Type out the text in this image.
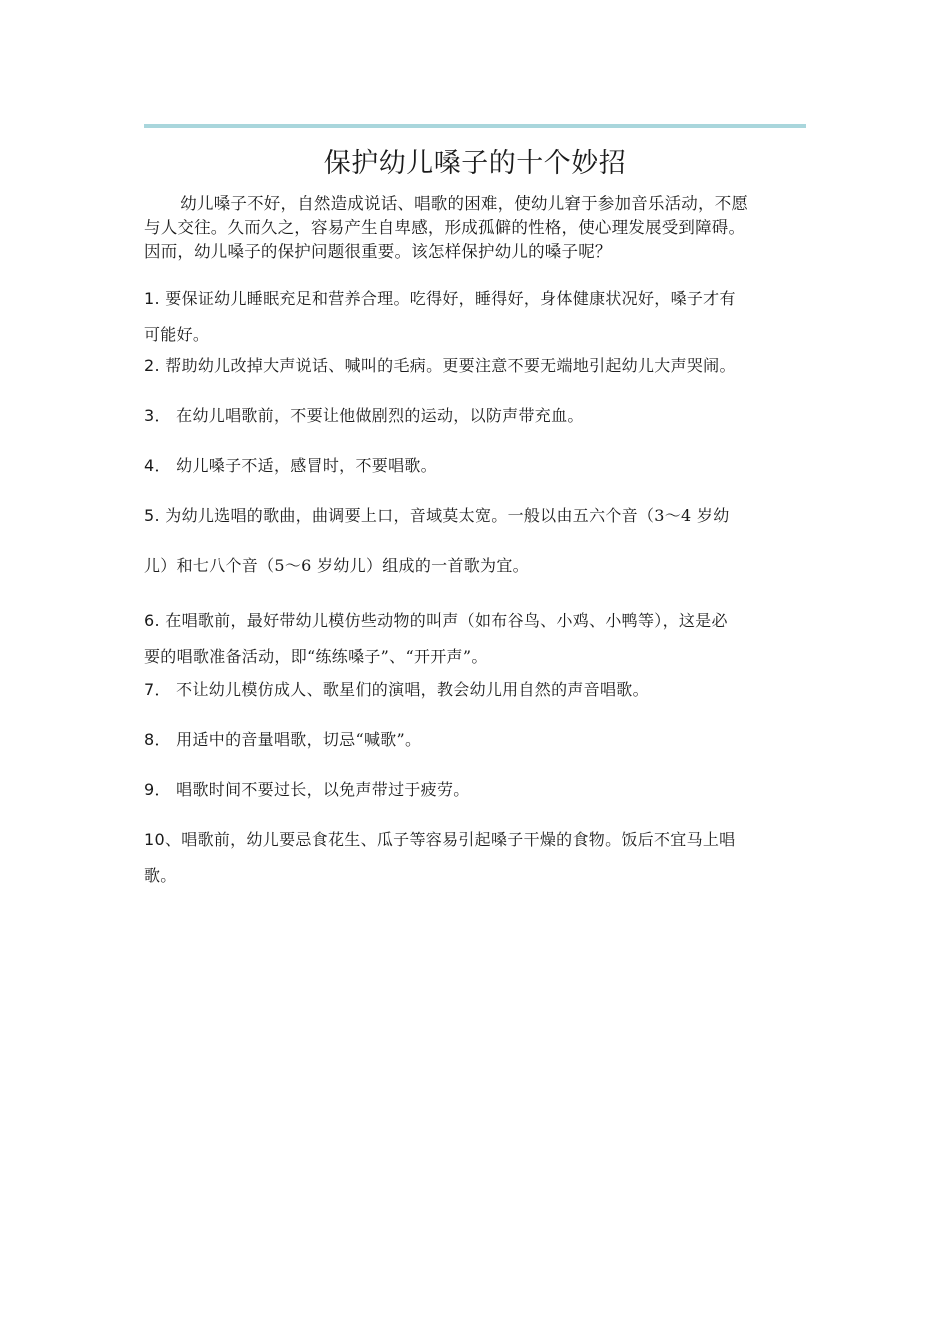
保护幼儿嗓子的十个妙招
幼儿嗓子不好，自然造成说话、唱歌的困难，使幼儿窘于参加音乐活动，不愿
与人交往。久而久之，容易产生自卑感，形成孤僻的性格，使心理发展受到障碍。
因而，幼儿嗓子的保护问题很重要。该怎样保护幼儿的嗓子呢？
1. 要保证幼儿睡眠充足和营养合理。吃得好，睡得好，身体健康状况好，嗓子才有
可能好。
2. 帮助幼儿改掉大声说话、喊叫的毛病。更要注意不要无端地引起幼儿大声哭闹。
3． 在幼儿唱歌前，不要让他做剧烈的运动，以防声带充血。
4． 幼儿嗓子不适，感冒时，不要唱歌。
5. 为幼儿选唱的歌曲，曲调要上口，音域莫太宽。一般以由五六个音（3～4 岁幼
儿）和七八个音（5～6 岁幼儿）组成的一首歌为宜。
6. 在唱歌前，最好带幼儿模仿些动物的叫声（如布谷鸟、小鸡、小鸭等），这是必
要的唱歌准备活动，即“练练嗓子”、“开开声”。
7． 不让幼儿模仿成人、歌星们的演唱，教会幼儿用自然的声音唱歌。
8． 用适中的音量唱歌，切忌“喊歌”。
9． 唱歌时间不要过长，以免声带过于疲劳。
10、唱歌前，幼儿要忌食花生、瓜子等容易引起嗓子干燥的食物。饭后不宜马上唱
歌。
